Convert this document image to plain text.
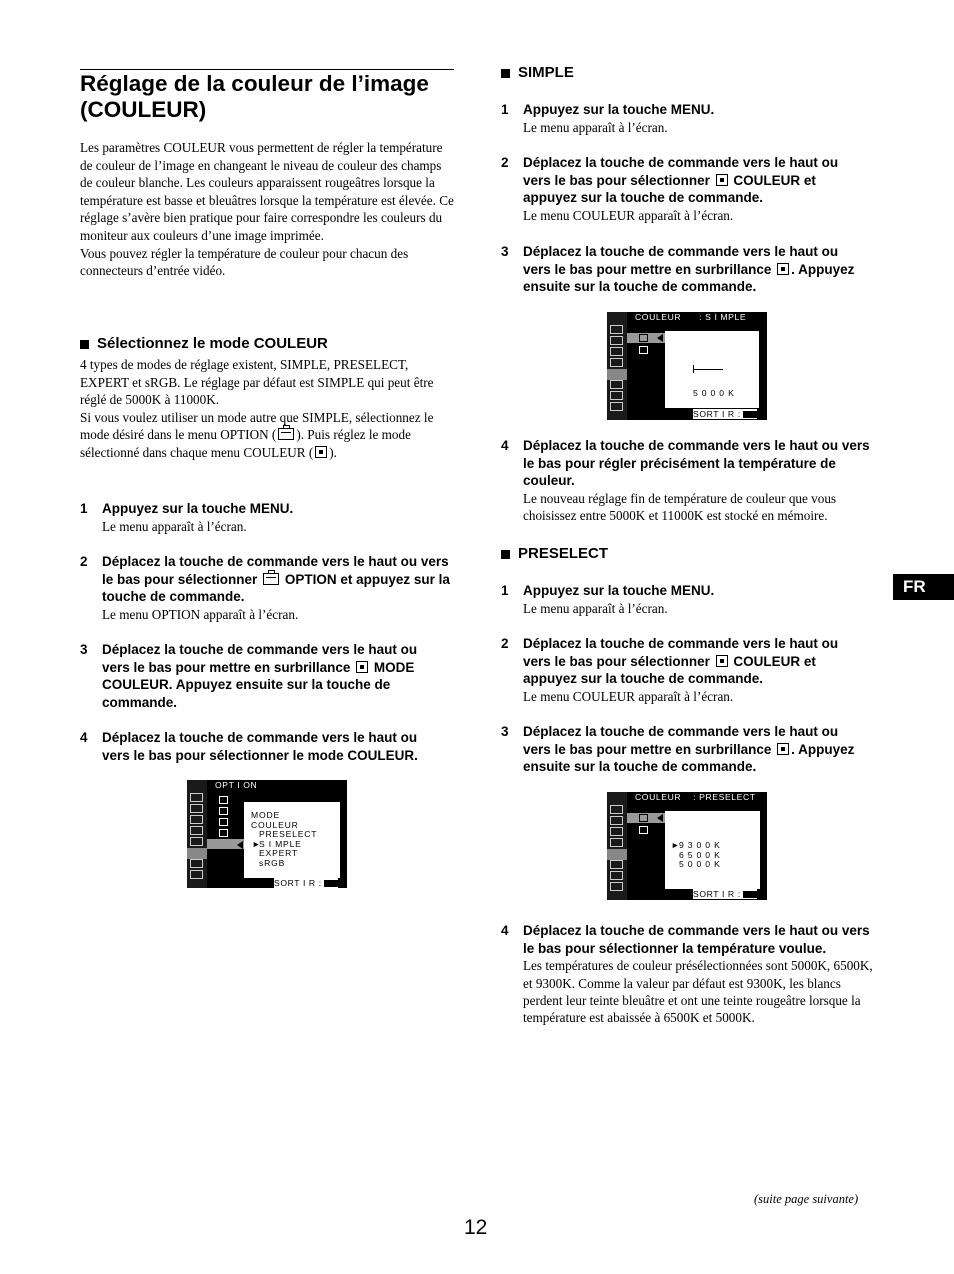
Réglage de la couleur de l’image
(COULEUR)

Les paramètres COULEUR vous permettent de régler la température de couleur de l’image en changeant le niveau de couleur des champs de couleur blanche. Les couleurs apparaissent rougeâtres lorsque la température est basse et bleuâtres lorsque la température est élevée. Ce réglage s’avère bien pratique pour faire correspondre les couleurs du moniteur aux couleurs d’une image imprimée.

Vous pouvez régler la température de couleur pour chacun des connecteurs d’entrée vidéo.

Sélectionnez le mode COULEUR

4 types de modes de réglage existent, SIMPLE, PRESELECT, EXPERT et sRGB. Le réglage par défaut est SIMPLE qui peut être réglé de 5000K à 11000K.

Si vous voulez utiliser un mode autre que SIMPLE, sélectionnez le mode désiré dans le menu OPTION ( ). Puis réglez le mode sélectionné dans chaque menu COULEUR ( ).

1 Appuyez sur la touche MENU.
Le menu apparaît à l’écran.
2 Déplacez la touche de commande vers le haut ou vers le bas pour sélectionner OPTION et appuyez sur la touche de commande.
Le menu OPTION apparaît à l’écran.
3 Déplacez la touche de commande vers le haut ou vers le bas pour mettre en surbrillance MODE COULEUR. Appuyez ensuite sur la touche de commande.
4 Déplacez la touche de commande vers le haut ou vers le bas pour sélectionner le mode COULEUR.
OPT I ON
MODE
COULEUR
PRESELECT
►
S I MPLE
EXPERT
sRGB
SORT I R :
SIMPLE
1 Appuyez sur la touche MENU.
Le menu apparaît à l’écran.
2 Déplacez la touche de commande vers le haut ou vers le bas pour sélectionner COULEUR et appuyez sur la touche de commande.
Le menu COULEUR apparaît à l’écran.
3 Déplacez la touche de commande vers le haut ou vers le bas pour mettre en surbrillance . Appuyez ensuite sur la touche de commande.
COULEUR      : S I MPLE
5 0 0 0 K
SORT I R :
4 Déplacez la touche de commande vers le haut ou vers le bas pour régler précisément la température de couleur.
Le nouveau réglage fin de température de couleur que vous choisissez entre 5000K et 11000K est stocké en mémoire.
PRESELECT
1 Appuyez sur la touche MENU.
Le menu apparaît à l’écran.
2 Déplacez la touche de commande vers le haut ou vers le bas pour sélectionner COULEUR et appuyez sur la touche de commande.
Le menu COULEUR apparaît à l’écran.
3 Déplacez la touche de commande vers le haut ou vers le bas pour mettre en surbrillance . Appuyez ensuite sur la touche de commande.
COULEUR    : PRESELECT
►
9 3 0 0 K
6 5 0 0 K
5 0 0 0 K
SORT I R :
4 Déplacez la touche de commande vers le haut ou vers le bas pour sélectionner la température voulue.
Les températures de couleur présélectionnées sont 5000K, 6500K, et 9300K. Comme la valeur par défaut est 9300K, les blancs perdent leur teinte bleuâtre et ont une teinte rougeâtre lorsque la température est abaissée à 6500K et 5000K.
FR
(suite page suivante)
12
